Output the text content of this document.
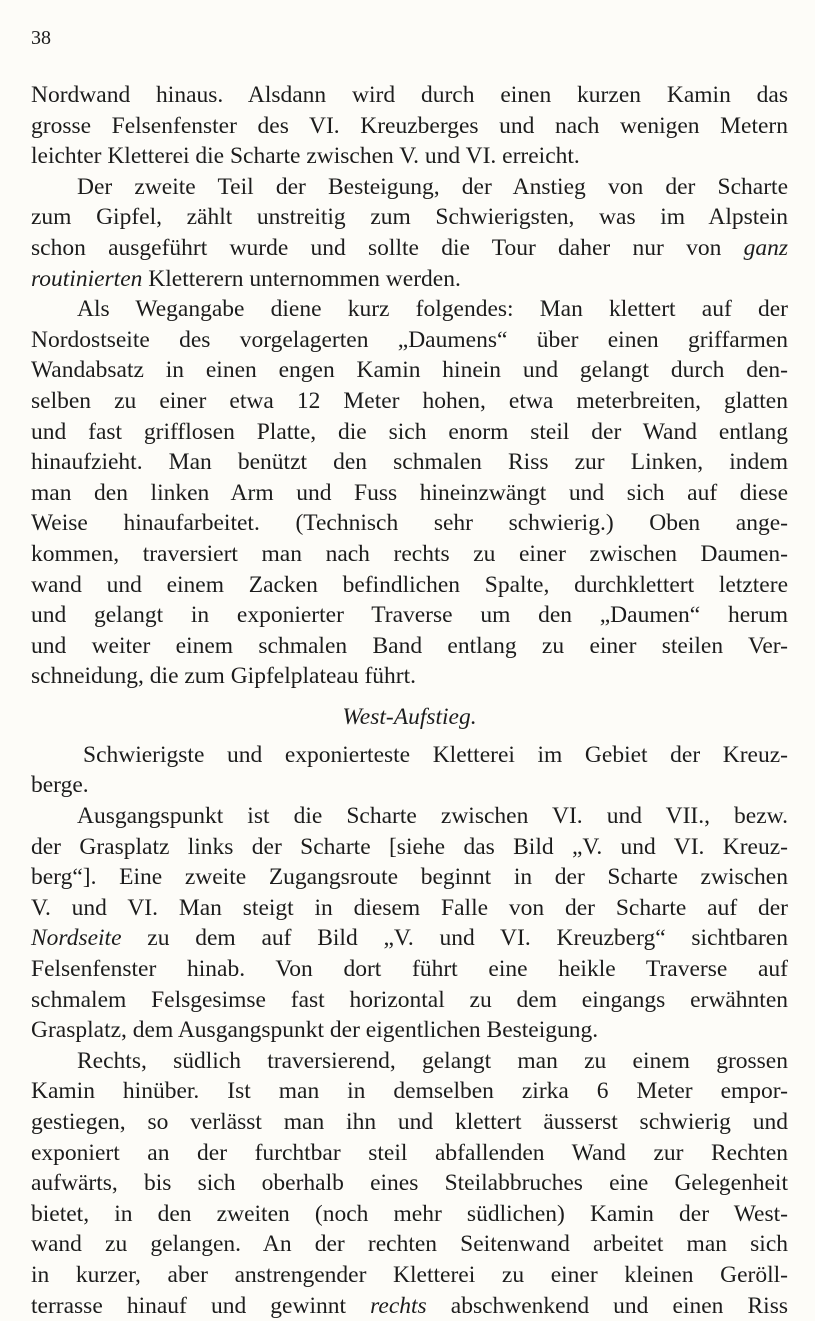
38
Nordwand hinaus. Alsdann wird durch einen kurzen Kamin das
grosse Felsenfenster des VI. Kreuzberges und nach wenigen Metern
leichter Kletterei die Scharte zwischen V. und VI. erreicht.
Der zweite Teil der Besteigung, der Anstieg von der Scharte
zum Gipfel, zählt unstreitig zum Schwierigsten, was im Alpstein
schon ausgeführt wurde und sollte die Tour daher nur von ganz
routinierten Kletterern unternommen werden.
Als Wegangabe diene kurz folgendes: Man klettert auf der
Nordostseite des vorgelagerten „Daumens“ über einen griffarmen
Wandabsatz in einen engen Kamin hinein und gelangt durch den-
selben zu einer etwa 12 Meter hohen, etwa meterbreiten, glatten
und fast grifflosen Platte, die sich enorm steil der Wand entlang
hinaufzieht. Man benützt den schmalen Riss zur Linken, indem
man den linken Arm und Fuss hineinzwängt und sich auf diese
Weise hinaufarbeitet. (Technisch sehr schwierig.) Oben ange-
kommen, traversiert man nach rechts zu einer zwischen Daumen-
wand und einem Zacken befindlichen Spalte, durchklettert letztere
und gelangt in exponierter Traverse um den „Daumen“ herum
und weiter einem schmalen Band entlang zu einer steilen Ver-
schneidung, die zum Gipfelplateau führt.
West-Aufstieg.
Schwierigste und exponierteste Kletterei im Gebiet der Kreuz-
berge.
Ausgangspunkt ist die Scharte zwischen VI. und VII., bezw.
der Grasplatz links der Scharte [siehe das Bild „V. und VI. Kreuz-
berg“]. Eine zweite Zugangsroute beginnt in der Scharte zwischen
V. und VI. Man steigt in diesem Falle von der Scharte auf der
Nordseite zu dem auf Bild „V. und VI. Kreuzberg“ sichtbaren
Felsenfenster hinab. Von dort führt eine heikle Traverse auf
schmalem Felsgesimse fast horizontal zu dem eingangs erwähnten
Grasplatz, dem Ausgangspunkt der eigentlichen Besteigung.
Rechts, südlich traversierend, gelangt man zu einem grossen
Kamin hinüber. Ist man in demselben zirka 6 Meter empor-
gestiegen, so verlässt man ihn und klettert äusserst schwierig und
exponiert an der furchtbar steil abfallenden Wand zur Rechten
aufwärts, bis sich oberhalb eines Steilabbruches eine Gelegenheit
bietet, in den zweiten (noch mehr südlichen) Kamin der West-
wand zu gelangen. An der rechten Seitenwand arbeitet man sich
in kurzer, aber anstrengender Kletterei zu einer kleinen Geröll-
terrasse hinauf und gewinnt rechts abschwenkend und einen Riss
